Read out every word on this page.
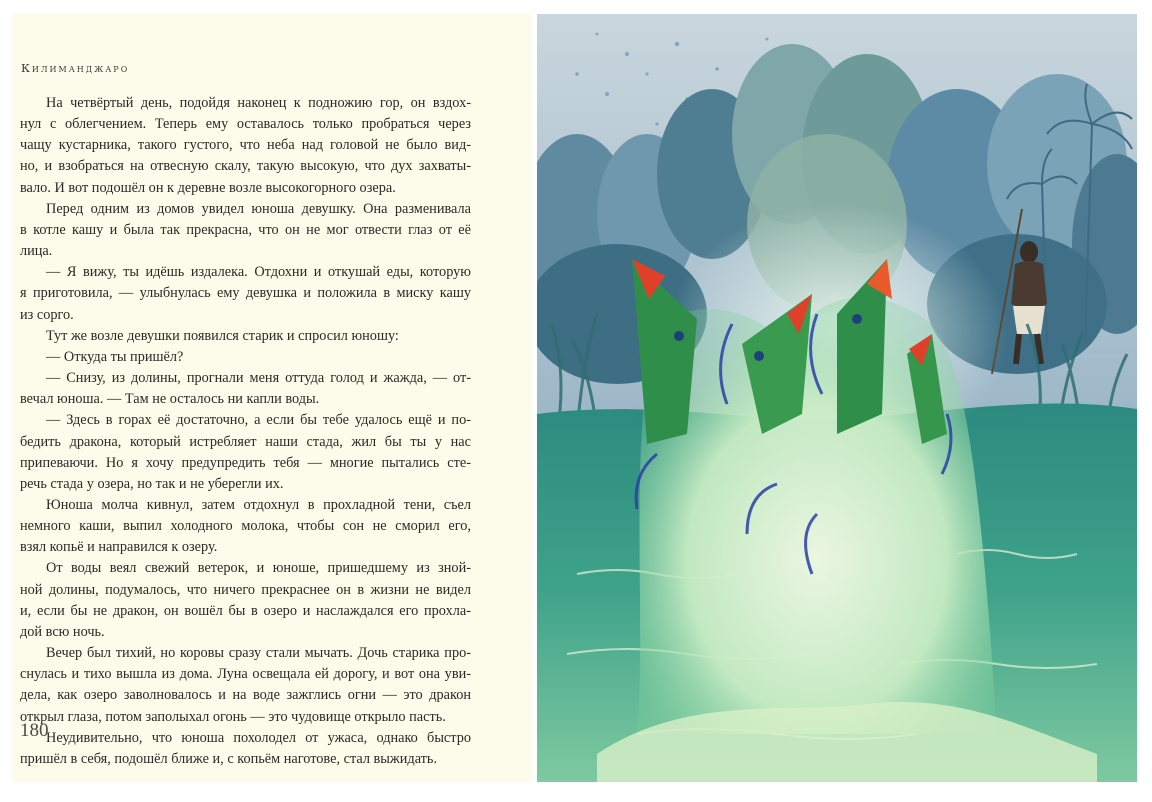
Килиманджаро

На четвёртый день, подойдя наконец к подножию гор, он вздох-
нул с облегчением. Теперь ему оставалось только пробраться через
чащу кустарника, такого густого, что неба над головой не было вид-
но, и взобраться на отвесную скалу, такую высокую, что дух захваты-
вало. И вот подошёл он к деревне возле высокогорного озера.

Перед одним из домов увидел юноша девушку. Она разменивала
в котле кашу и была так прекрасна, что он не мог отвести глаз от её
лица.

— Я вижу, ты идёшь издалека. Отдохни и откушай еды, которую
я приготовила, — улыбнулась ему девушка и положила в миску кашу
из сорго.

Тут же возле девушки появился старик и спросил юношу:

— Откуда ты пришёл?

— Снизу, из долины, прогнали меня оттуда голод и жажда, — от-
вечал юноша. — Там не осталось ни капли воды.

— Здесь в горах её достаточно, а если бы тебе удалось ещё и по-
бедить дракона, который истребляет наши стада, жил бы ты у нас
припеваючи. Но я хочу предупредить тебя — многие пытались сте-
речь стада у озера, но так и не уберегли их.

Юноша молча кивнул, затем отдохнул в прохладной тени, съел
немного каши, выпил холодного молока, чтобы сон не сморил его,
взял копьё и направился к озеру.

От воды веял свежий ветерок, и юноше, пришедшему из зной-
ной долины, подумалось, что ничего прекраснее он в жизни не видел
и, если бы не дракон, он вошёл бы в озеро и наслаждался его прохла-
дой всю ночь.

Вечер был тихий, но коровы сразу стали мычать. Дочь старика про-
снулась и тихо вышла из дома. Луна освещала ей дорогу, и вот она уви-
дела, как озеро заволновалось и на воде зажглись огни — это дракон
открыл глаза, потом заполыхал огонь — это чудовище открыло пасть.

Неудивительно, что юноша похолодел от ужаса, однако быстро
пришёл в себя, подошёл ближе и, с копьём наготове, стал выжидать.

180
